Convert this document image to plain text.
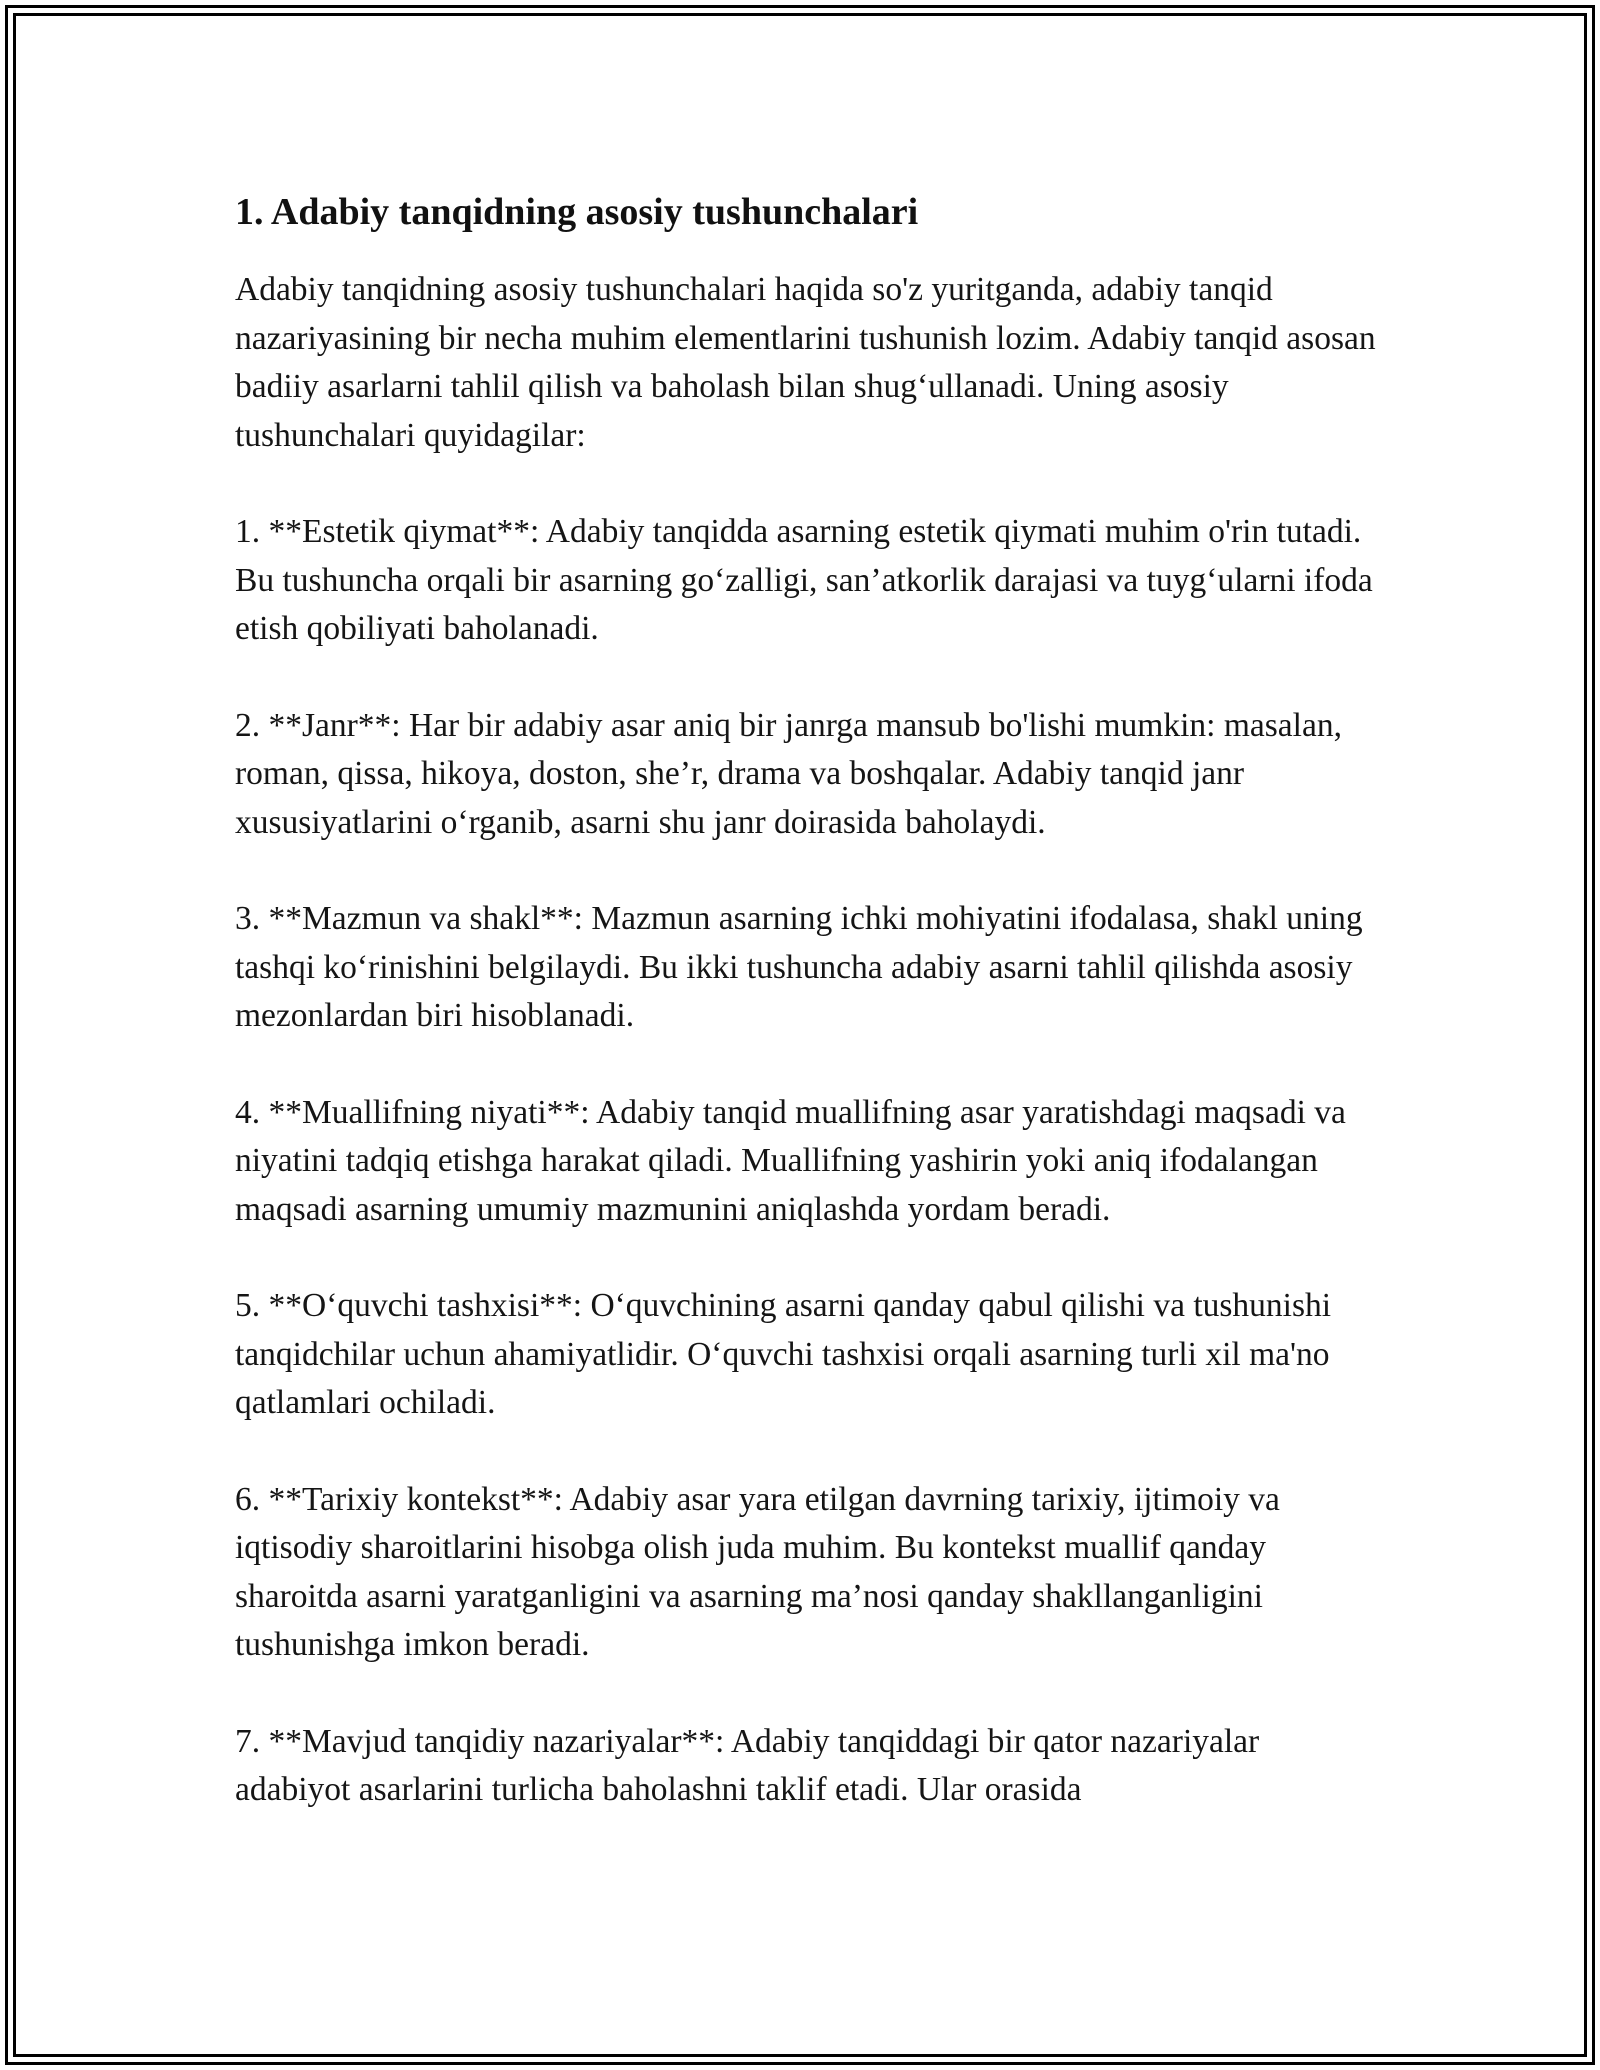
1. Adabiy tanqidning asosiy tushunchalari

Adabiy tanqidning asosiy tushunchalari haqida so'z yuritganda, adabiy tanqid nazariyasining bir necha muhim elementlarini tushunish lozim. Adabiy tanqid asosan badiiy asarlarni tahlil qilish va baholash bilan shug‘ullanadi. Uning asosiy tushunchalari quyidagilar:

1. **Estetik qiymat**: Adabiy tanqidda asarning estetik qiymati muhim o'rin tutadi. Bu tushuncha orqali bir asarning go‘zalligi, san’atkorlik darajasi va tuyg‘ularni ifoda etish qobiliyati baholanadi.

2. **Janr**: Har bir adabiy asar aniq bir janrga mansub bo'lishi mumkin: masalan, roman, qissa, hikoya, doston, she’r, drama va boshqalar. Adabiy tanqid janr xususiyatlarini o‘rganib, asarni shu janr doirasida baholaydi.

3. **Mazmun va shakl**: Mazmun asarning ichki mohiyatini ifodalasa, shakl uning tashqi ko‘rinishini belgilaydi. Bu ikki tushuncha adabiy asarni tahlil qilishda asosiy mezonlardan biri hisoblanadi.

4. **Muallifning niyati**: Adabiy tanqid muallifning asar yaratishdagi maqsadi va niyatini tadqiq etishga harakat qiladi. Muallifning yashirin yoki aniq ifodalangan maqsadi asarning umumiy mazmunini aniqlashda yordam beradi.

5. **O‘quvchi tashxisi**: O‘quvchining asarni qanday qabul qilishi va tushunishi tanqidchilar uchun ahamiyatlidir. O‘quvchi tashxisi orqali asarning turli xil ma'no qatlamlari ochiladi.

6. **Tarixiy kontekst**: Adabiy asar yara etilgan davrning tarixiy, ijtimoiy va iqtisodiy sharoitlarini hisobga olish juda muhim. Bu kontekst muallif qanday sharoitda asarni yaratganligini va asarning ma’nosi qanday shakllanganligini tushunishga imkon beradi.

7. **Mavjud tanqidiy nazariyalar**: Adabiy tanqiddagi bir qator nazariyalar adabiyot asarlarini turlicha baholashni taklif etadi. Ular orasida
